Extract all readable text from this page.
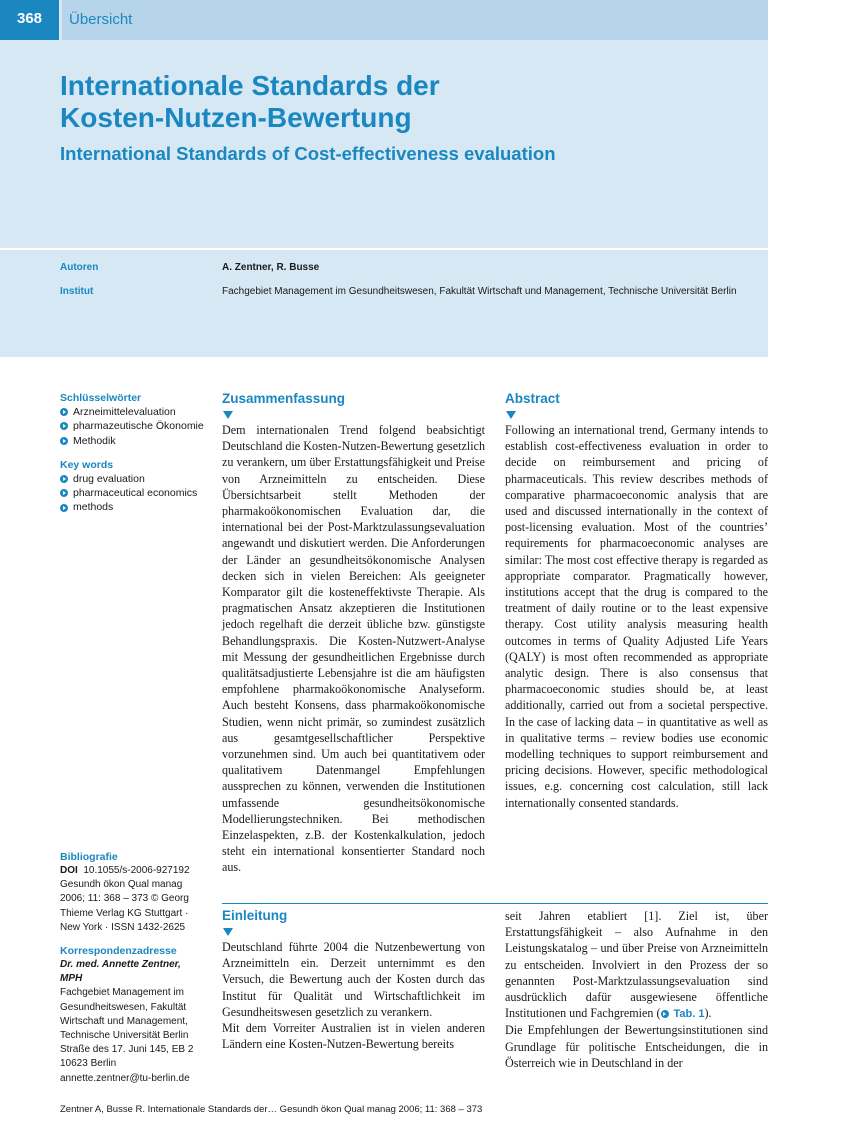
368	Übersicht
Internationale Standards der
Kosten-Nutzen-Bewertung
International Standards of Cost-effectiveness evaluation
Autoren	A. Zentner, R. Busse
Institut	Fachgebiet Management im Gesundheitswesen, Fakultät Wirtschaft und Management, Technische Universität Berlin

Schlüsselwörter

Arzneimittelevaluation
pharmazeutische Ökonomie
Methodik

Key words

drug evaluation
pharmaceutical economics
methods
Bibliografie
DOI 10.1055/s-2006-927192
Gesundh ökon Qual manag
2006; 11: 368 – 373 © Georg
Thieme Verlag KG Stuttgart ·
New York · ISSN 1432-2625
Korrespondenzadresse
Dr. med. Annette Zentner,
MPH
Fachgebiet Management im
Gesundheitswesen, Fakultät
Wirtschaft und Management,
Technische Universität Berlin
Straße des 17. Juni 145, EB 2
10623 Berlin
annette.zentner@tu-berlin.de
Zusammenfassung

Dem internationalen Trend folgend beabsichtigt Deutschland die Kosten-Nutzen-Bewertung gesetzlich zu verankern, um über Erstattungsfähigkeit und Preise von Arzneimitteln zu entscheiden. Diese Übersichtsarbeit stellt Methoden der pharmakoökonomischen Evaluation dar, die international bei der Post-Marktzulassungsevaluation angewandt und diskutiert werden. Die Anforderungen der Länder an gesundheitsökonomische Analysen decken sich in vielen Bereichen: Als geeigneter Komparator gilt die kosteneffektivste Therapie. Als pragmatischen Ansatz akzeptieren die Institutionen jedoch regelhaft die derzeit übliche bzw. günstigste Behandlungspraxis. Die Kosten-Nutzwert-Analyse mit Messung der gesundheitlichen Ergebnisse durch qualitätsadjustierte Lebensjahre ist die am häufigsten empfohlene pharmakoökonomische Analyseform. Auch besteht Konsens, dass pharmakoökonomische Studien, wenn nicht primär, so zumindest zusätzlich aus gesamtgesellschaftlicher Perspektive vorzunehmen sind. Um auch bei quantitativem oder qualitativem Datenmangel Empfehlungen aussprechen zu können, verwenden die Institutionen umfassende gesundheitsökonomische Modellierungstechniken. Bei methodischen Einzelaspekten, z.B. der Kostenkalkulation, jedoch steht ein international konsentierter Standard noch aus.

Abstract

Following an international trend, Germany intends to establish cost-effectiveness evaluation in order to decide on reimbursement and pricing of pharmaceuticals. This review describes methods of comparative pharmacoeconomic analysis that are used and discussed internationally in the context of post-licensing evaluation. Most of the countries’ requirements for pharmacoeconomic analyses are similar: The most cost effective therapy is regarded as appropriate comparator. Pragmatically however, institutions accept that the drug is compared to the treatment of daily routine or to the least expensive therapy. Cost utility analysis measuring health outcomes in terms of Quality Adjusted Life Years (QALY) is most often recommended as appropriate analytic design. There is also consensus that pharmacoeconomic studies should be, at least additionally, carried out from a societal perspective. In the case of lacking data – in quantitative as well as in qualitative terms – review bodies use economic modelling techniques to support reimbursement and pricing decisions. However, specific methodological issues, e.g. concerning cost calculation, still lack internationally consented standards.

Einleitung

Deutschland führte 2004 die Nutzenbewertung von Arzneimitteln ein. Derzeit unternimmt es den Versuch, die Bewertung auch der Kosten durch das Institut für Qualität und Wirtschaftlichkeit im Gesundheitswesen gesetzlich zu verankern.

Mit dem Vorreiter Australien ist in vielen anderen Ländern eine Kosten-Nutzen-Bewertung bereits

seit Jahren etabliert [1]. Ziel ist, über Erstattungsfähigkeit – also Aufnahme in den Leistungskatalog – und über Preise von Arzneimitteln zu entscheiden. Involviert in den Prozess der so genannten Post-Marktzulassungsevaluation sind ausdrücklich dafür ausgewiesene öffentliche Institutionen und Fachgremien ( Tab. 1).

Die Empfehlungen der Bewertungsinstitutionen sind Grundlage für politische Entscheidungen, die in Österreich wie in Deutschland in der

Zentner A, Busse R. Internationale Standards der… Gesundh ökon Qual manag 2006; 11: 368 – 373
